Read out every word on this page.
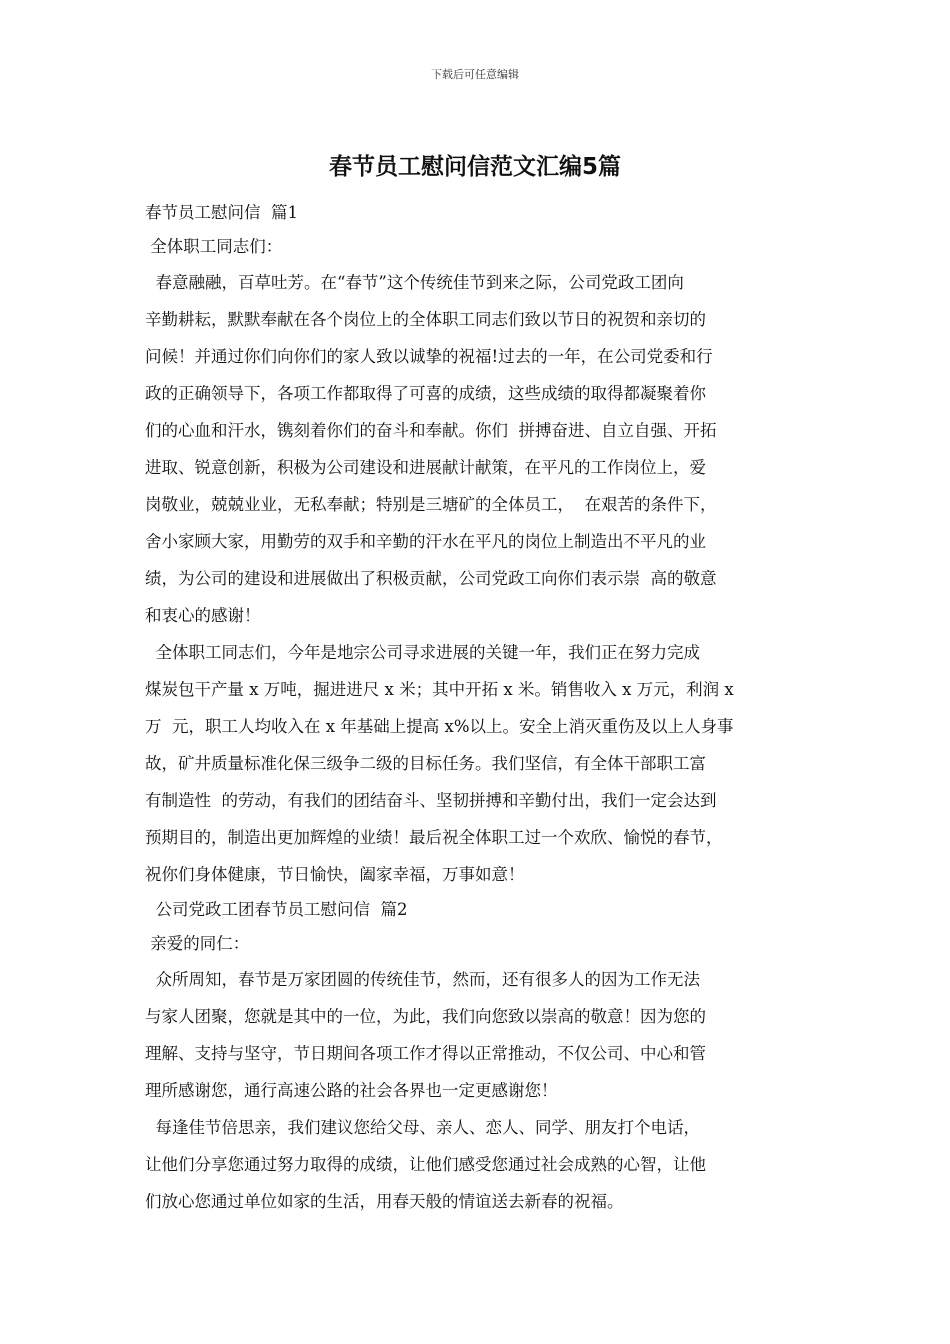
下载后可任意编辑
春节员工慰问信范文汇编5篇
春节员工慰问信  篇1
全体职工同志们：
春意融融，百草吐芳。在“春节”这个传统佳节到来之际，公司党政工团向
辛勤耕耘，默默奉献在各个岗位上的全体职工同志们致以节日的祝贺和亲切的
问候！并通过你们向你们的家人致以诚挚的祝福!过去的一年，在公司党委和行
政的正确领导下，各项工作都取得了可喜的成绩，这些成绩的取得都凝聚着你
们的心血和汗水，镌刻着你们的奋斗和奉献。你们  拼搏奋进、自立自强、开拓
进取、锐意创新，积极为公司建设和进展献计献策，在平凡的工作岗位上，爱
岗敬业，兢兢业业，无私奉献；特别是三塘矿的全体员工，  在艰苦的条件下，
舍小家顾大家，用勤劳的双手和辛勤的汗水在平凡的岗位上制造出不平凡的业
绩，为公司的建设和进展做出了积极贡献，公司党政工向你们表示崇  高的敬意
和衷心的感谢！
全体职工同志们，今年是地宗公司寻求进展的关键一年，我们正在努力完成
煤炭包干产量 x 万吨，掘进进尺 x 米；其中开拓 x 米。销售收入 x 万元，利润 x
万  元，职工人均收入在 x 年基础上提高 x%以上。安全上消灭重伤及以上人身事
故，矿井质量标准化保三级争二级的目标任务。我们坚信，有全体干部职工富
有制造性  的劳动，有我们的团结奋斗、坚韧拼搏和辛勤付出，我们一定会达到
预期目的，制造出更加辉煌的业绩！最后祝全体职工过一个欢欣、愉悦的春节，
祝你们身体健康，节日愉快，阖家幸福，万事如意！
公司党政工团春节员工慰问信  篇2
亲爱的同仁：
众所周知，春节是万家团圆的传统佳节，然而，还有很多人的因为工作无法
与家人团聚，您就是其中的一位，为此，我们向您致以崇高的敬意！因为您的
理解、支持与坚守，节日期间各项工作才得以正常推动，不仅公司、中心和管
理所感谢您，通行高速公路的社会各界也一定更感谢您！
每逢佳节倍思亲，我们建议您给父母、亲人、恋人、同学、朋友打个电话，
让他们分享您通过努力取得的成绩，让他们感受您通过社会成熟的心智，让他
们放心您通过单位如家的生活，用春天般的情谊送去新春的祝福。
